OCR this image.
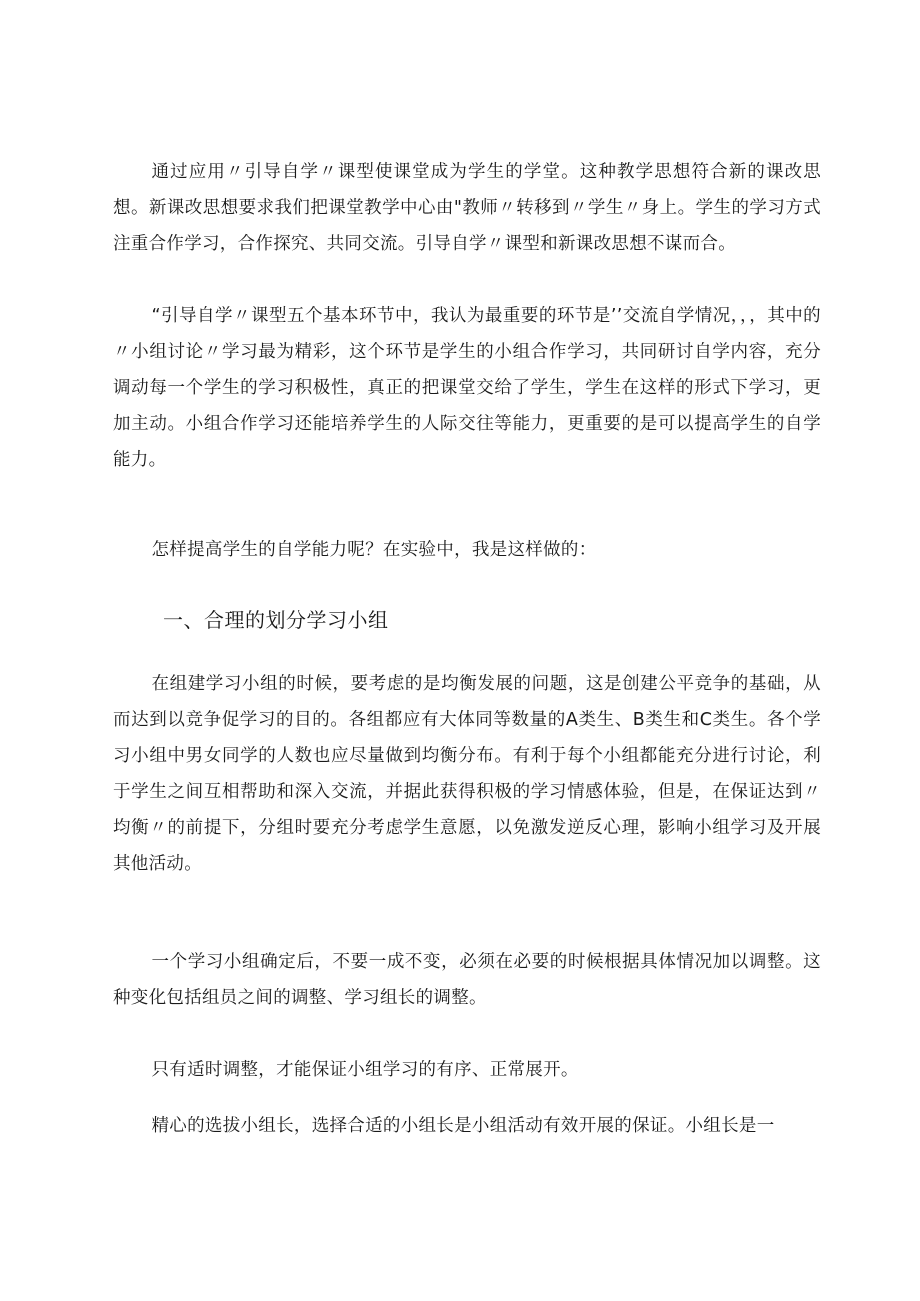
通过应用〃引导自学〃课型使课堂成为学生的学堂。这种教学思想符合新的课改思想。新课改思想要求我们把课堂教学中心由"教师〃转移到〃学生〃身上。学生的学习方式注重合作学习，合作探究、共同交流。引导自学〃课型和新课改思想不谋而合。

“引导自学〃课型五个基本环节中，我认为最重要的环节是’’交流自学情况，，，其中的〃小组讨论〃学习最为精彩，这个环节是学生的小组合作学习，共同研讨自学内容，充分调动每一个学生的学习积极性，真正的把课堂交给了学生，学生在这样的形式下学习，更加主动。小组合作学习还能培养学生的人际交往等能力，更重要的是可以提高学生的自学能力。

怎样提高学生的自学能力呢？在实验中，我是这样做的：

一、合理的划分学习小组

在组建学习小组的时候，要考虑的是均衡发展的问题，这是创建公平竞争的基础，从而达到以竞争促学习的目的。各组都应有大体同等数量的A类生、B类生和C类生。各个学习小组中男女同学的人数也应尽量做到均衡分布。有利于每个小组都能充分进行讨论，利于学生之间互相帮助和深入交流，并据此获得积极的学习情感体验，但是，在保证达到〃均衡〃的前提下，分组时要充分考虑学生意愿，以免激发逆反心理，影响小组学习及开展其他活动。

一个学习小组确定后，不要一成不变，必须在必要的时候根据具体情况加以调整。这种变化包括组员之间的调整、学习组长的调整。

只有适时调整，才能保证小组学习的有序、正常展开。

精心的选拔小组长，选择合适的小组长是小组活动有效开展的保证。小组长是一
